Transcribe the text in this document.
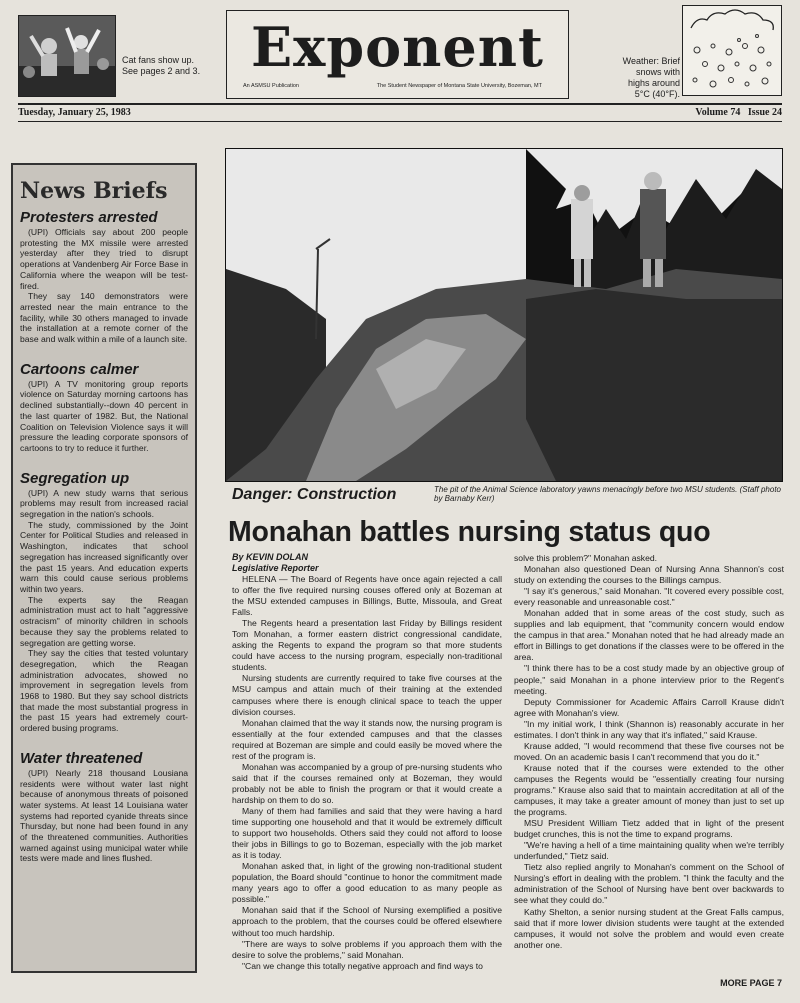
Cat fans show up. See pages 2 and 3. Exponent
An ASMSU Publication	The Student Newspaper of Montana State University, Bozeman, MT
Weather: Brief snows with highs around 5°C (40°F).
Tuesday, January 25, 1983	Volume 74   Issue 24
News Briefs
Protesters arrested

(UPI) Officials say about 200 people protesting the MX missile were arrested yesterday after they tried to disrupt operations at Vandenberg Air Force Base in California where the weapon will be test-fired.

They say 140 demonstrators were arrested near the main entrance to the facility, while 30 others managed to invade the installation at a remote corner of the base and walk within a mile of a launch site.

Cartoons calmer

(UPI) A TV monitoring group reports violence on Saturday morning cartoons has declined substantially--down 40 percent in the last quarter of 1982. But, the National Coalition on Television Violence says it will pressure the leading corporate sponsors of cartoons to try to reduce it further.

Segregation up

(UPI) A new study warns that serious problems may result from increased racial segregation in the nation's schools.

The study, commissioned by the Joint Center for Political Studies and released in Washington, indicates that school segregation has increased significantly over the past 15 years. And education experts warn this could cause serious problems within two years.

The experts say the Reagan administration must act to halt "aggressive ostracism" of minority children in schools because they say the problems related to segregation are getting worse.

They say the cities that tested voluntary desegregation, which the Reagan administration advocates, showed no improvement in segregation levels from 1968 to 1980. But they say school districts that made the most substantial progress in the past 15 years had extremely court-ordered busing programs.

Water threatened

(UPI) Nearly 218 thousand Lousiana residents were without water last night because of anonymous threats of poisoned water systems. At least 14 Louisiana water systems had reported cyanide threats since Thursday, but none had been found in any of the threatened communities. Authorities warned against using municipal water while tests were made and lines flushed.

Danger: Construction	The pit of the Animal Science laboratory yawns menacingly before two MSU students. (Staff photo by Barnaby Kerr)
Monahan battles nursing status quo
By KEVIN DOLAN
Legislative Reporter

HELENA — The Board of Regents have once again rejected a call to offer the five required nursing couses offered only at Bozeman at the MSU extended campuses in Billings, Butte, Missoula, and Great Falls.

The Regents heard a presentation last Friday by Billings resident Tom Monahan, a former eastern district congressional candidate, asking the Regents to expand the program so that more students could have access to the nursing program, especially non-traditional students.

Nursing students are currently required to take five courses at the MSU campus and attain much of their training at the extended campuses where there is enough clinical space to teach the upper division courses.

Monahan claimed that the way it stands now, the nursing program is essentially at the four extended campuses and that the classes required at Bozeman are simple and could easily be moved where the rest of the program is.

Monahan was accompanied by a group of pre-nursing students who said that if the courses remained only at Bozeman, they would probably not be able to finish the program or that it would create a hardship on them to do so.

Many of them had families and said that they were having a hard time supporting one household and that it would be extremely difficult to support two households. Others said they could not afford to loose their jobs in Billings to go to Bozeman, especially with the job market as it is today.

Monahan asked that, in light of the growing non-traditional student population, the Board should "continue to honor the commitment made many years ago to offer a good education to as many people as possible."

Monahan said that if the School of Nursing exemplified a positive approach to the problem, that the courses could be offered elsewhere without too much hardship.

"There are ways to solve problems if you approach them with the desire to solve the problems," said Monahan.

"Can we change this totally negative approach and find ways to

solve this problem?" Monahan asked.

Monahan also questioned Dean of Nursing Anna Shannon's cost study on extending the courses to the Billings campus.

"I say it's generous," said Monahan. "It covered every possible cost, every reasonable and unreasonable cost."

Monahan added that in some areas of the cost study, such as supplies and lab equipment, that "community concern would endow the campus in that area." Monahan noted that he had already made an effort in Billings to get donations if the classes were to be offered in the area.

"I think there has to be a cost study made by an objective group of people," said Monahan in a phone interview prior to the Regent's meeting.

Deputy Commissioner for Academic Affairs Carroll Krause didn't agree with Monahan's view.

"In my initial work, I think (Shannon is) reasonably accurate in her estimates. I don't think in any way that it's inflated," said Krause.

Krause added, "I would recommend that these five courses not be moved. On an academic basis I can't recommend that you do it."

Krause noted that if the courses were extended to the other campuses the Regents would be "essentially creating four nursing programs." Krause also said that to maintain accreditation at all of the campuses, it may take a greater amount of money than just to set up the programs.

MSU President William Tietz added that in light of the present budget crunches, this is not the time to expand programs.

"We're having a hell of a time maintaining quality when we're terribly underfunded," Tietz said.

Tietz also replied angrily to Monahan's comment on the School of Nursing's effort in dealing with the problem. "I think the faculty and the administration of the School of Nursing have bent over backwards to see what they could do."

Kathy Shelton, a senior nursing student at the Great Falls campus, said that if more lower division students were taught at the extended campuses, it would not solve the problem and would even create another one.

MORE PAGE 7
